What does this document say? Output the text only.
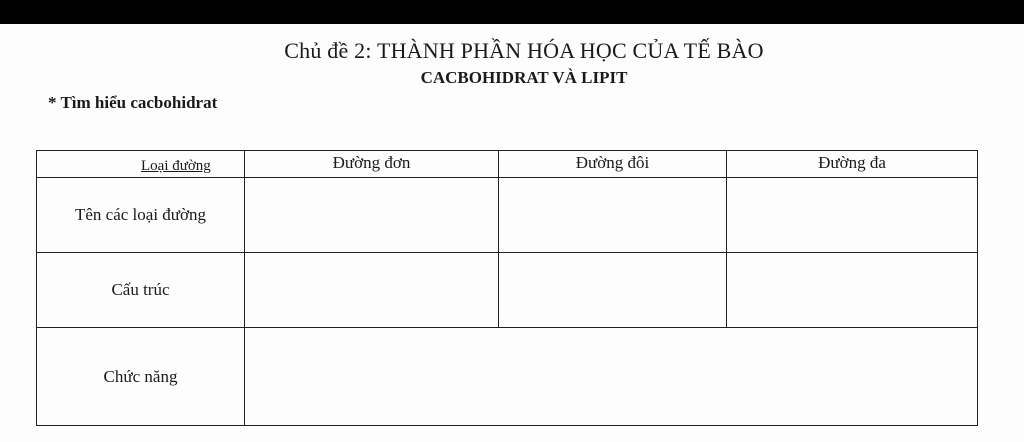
Chủ đề 2: THÀNH PHẦN HÓA HỌC CỦA TẾ BÀO
CACBOHIDRAT VÀ LIPIT
* Tìm hiểu cacbohidrat
Loại đường	Đường đơn	Đường đôi	Đường đa
Tên các loại đường			
Cấu trúc			
Chức năng			
